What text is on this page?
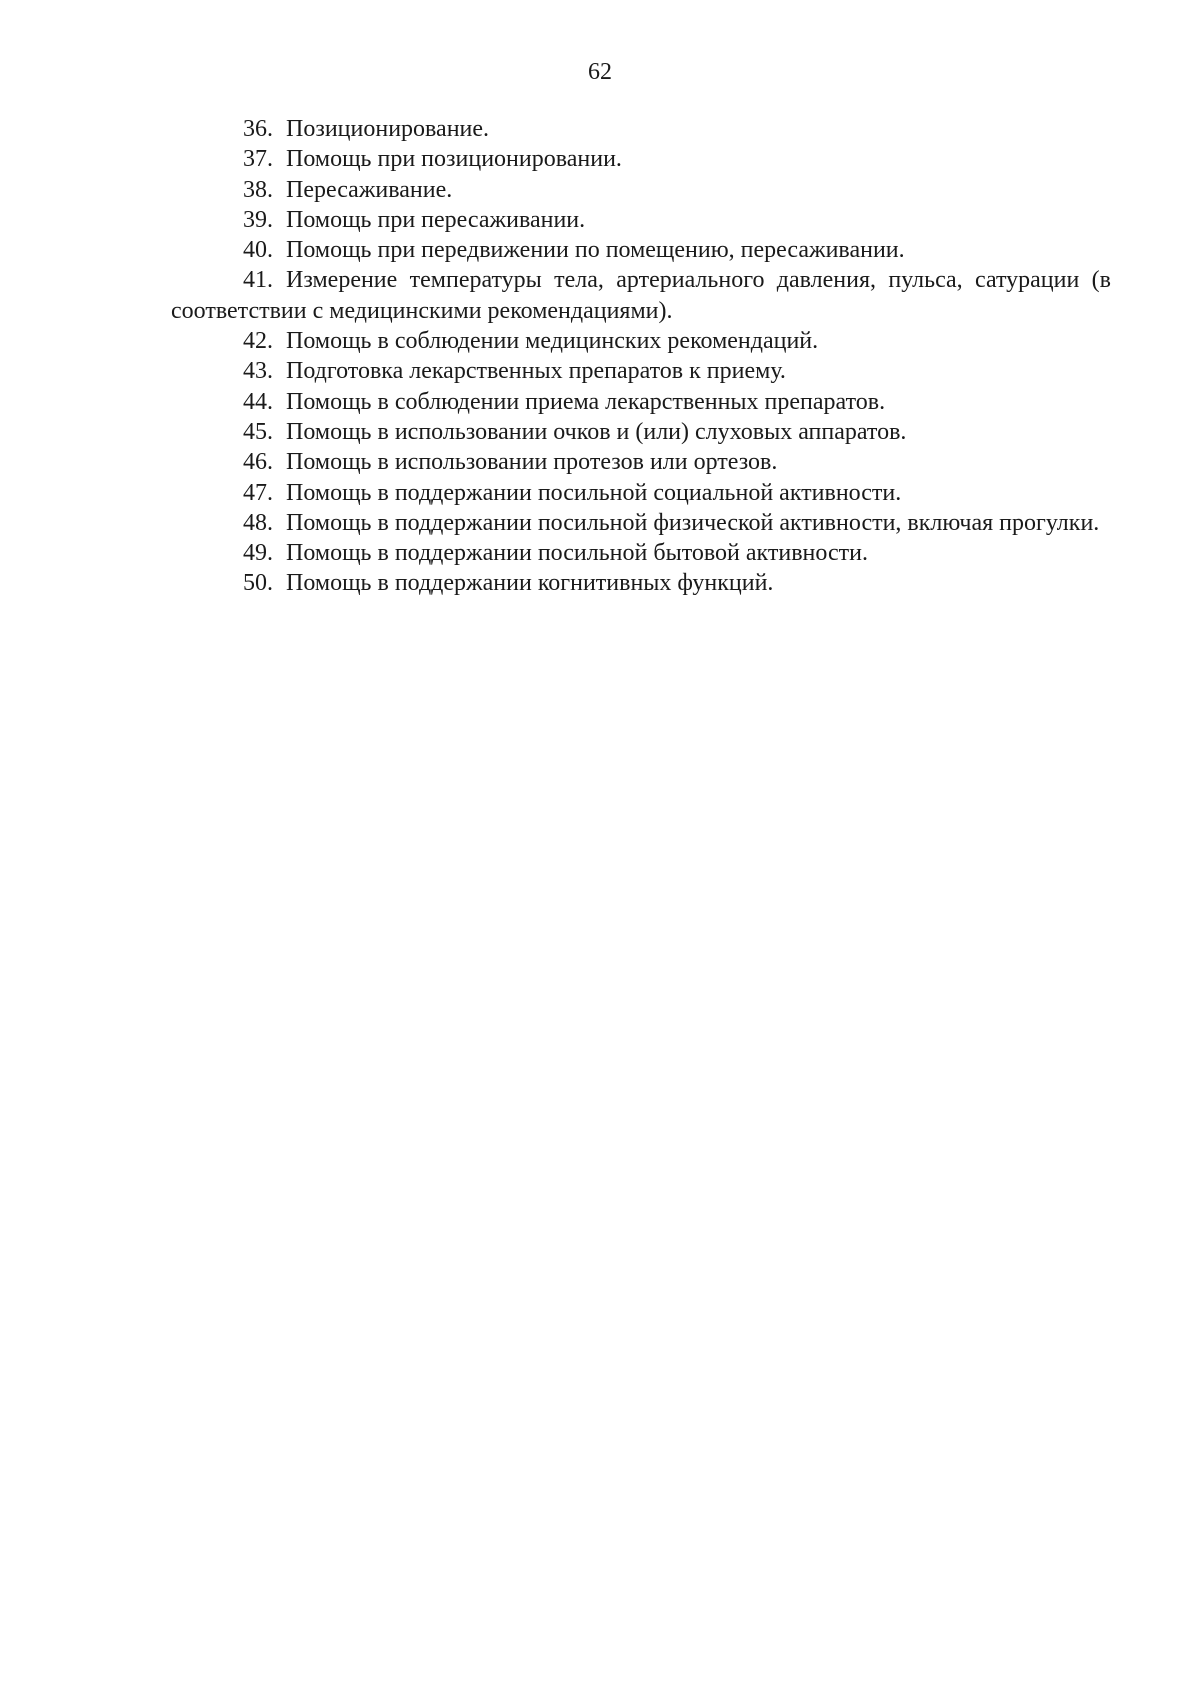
62

36. Позиционирование.

37. Помощь при позиционировании.

38. Пересаживание.

39. Помощь при пересаживании.

40. Помощь при передвижении по помещению, пересаживании.

41. Измерение температуры тела, артериального давления, пульса, сатурации (в соответствии с медицинскими рекомендациями).

42. Помощь в соблюдении медицинских рекомендаций.

43. Подготовка лекарственных препаратов к приему.

44. Помощь в соблюдении приема лекарственных препаратов.

45. Помощь в использовании очков и (или) слуховых аппаратов.

46. Помощь в использовании протезов или ортезов.

47. Помощь в поддержании посильной социальной активности.

48. Помощь в поддержании посильной физической активности, включая прогулки.

49. Помощь в поддержании посильной бытовой активности.

50. Помощь в поддержании когнитивных функций.
